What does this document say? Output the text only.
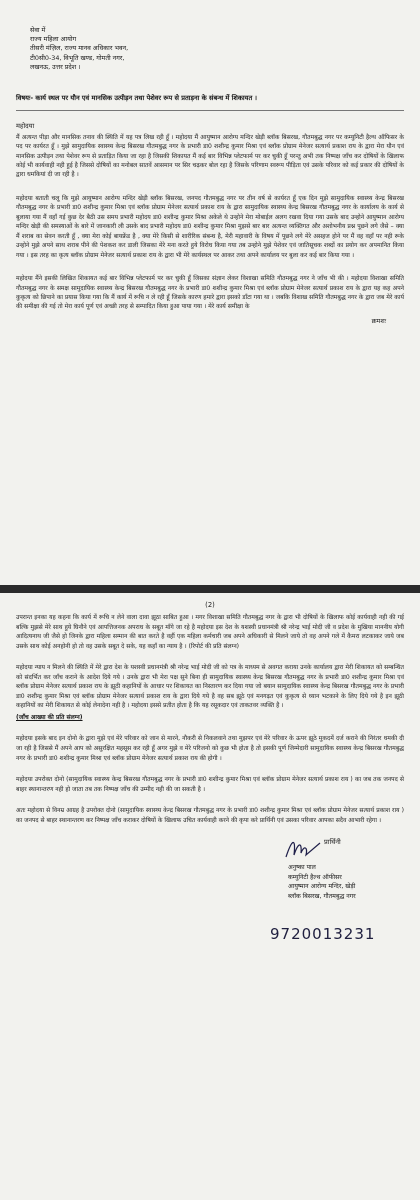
सेवा में
राज्य महिला आयोग
तीसरी मंज़िल, राज्य मानव अधिकार भवन,
टी0सी0-34, विभूति खण्ड, गोमती नगर,
लखनऊ, उत्तर प्रदेश ।
विषयः- कार्य स्थल पर यौन एवं मानसिक उत्पीड़न तथा पेशेवर रूप से प्रताड़ना के संबन्ध में शिकायत ।
महोदया

मैं अत्यन्त पीड़ा और मानसिक तनाव की स्थिति में यह पत्र लिख रही हूँ । महोदया मैं आयुष्मान आरोग्य मन्दिर खेड़ी ब्लॉक बिसरख, गौतमबुद्ध नगर पर कम्युनिटी हैल्थ ऑफिसर के पद पर कार्यरत हूँ । मुझे सामुदायिक स्वास्थ्य केन्द्र बिसरख गौतमबुद्ध नगर के प्रभारी डा0 शशीन्द्र कुमार मिश्रा एवं ब्लॉक प्रोग्राम मेनेजर सत्यार्थ प्रकाश राय के द्वारा मेरा यौन एवं मानसिक उत्पीड़न तथा पेशेवर रूप से प्रताड़ित किया जा रहा है जिसकी शिकायत मैं कई बार विभिन्न प्लेटफार्म पर कर चुकी हूँ परन्तु अभी तक निष्पक्ष जाँच कर दोषियों के खिलाफ कोई भी कार्यवाही नही हुई है जिससे दोषियों का मनोबल सातवें आसमान पर सिर चढ़कर बोल रहा है जिसके परिणाम स्वरूप पीड़िता एवं उसके परिवार को कई प्रकार की दोषियों के द्वारा धमकियां दी जा रही है ।

महोदया बताती चलू कि मुझे आयुष्मान आरोग्य मन्दिर खेड़ी ब्लॉक बिसरख, जनपद गौतमबुद्ध नगर पर तीन वर्ष से कार्यरत हूँ एक दिन मुझे सामुदायिक स्वास्थ्य केन्द्र बिसरख गौतमबुद्ध नगर के प्रभारी डा0 शशीन्द्र कुमार मिश्रा एवं ब्लॉक प्रोग्राम मेनेजर सत्यार्थ प्रकाश राय के द्वारा सामुदायिक स्वास्थ्य केन्द्र बिसरख गौतमबुद्ध नगर के कार्यालय के कार्य से बुलाया गया मैं वहाँ गई कुछ देर बैठी उस समय प्रभारी महोदय डा0 शशीन्द्र कुमार मिश्रा अकेले थे उन्होने मेरा मोबाईल अलग रखवा दिया गया उसके बाद उन्होने आयुष्मान आरोग्य मन्दिर खेड़ी की समस्याओं के बारे में जानकारी ली उसके बाद प्रभारी महोदय डा0 शशीन्द्र कुमार मिश्रा मुझसे बार बार अत्यन्त व्यक्तिगत और अशोभनीय प्रश्न पूछने लगे जैसे – क्या मैं शराब का सेवन करती हूँ , क्या मेरा कोई बायफ्रेंड है , क्या मेरे किसी से शारीरिक संबन्ध है, मेरी महावारी के विषय में पूछने लगे मेरे असहज होने पर मैं वह वहाँ पर नही रूके उन्होने मुझे अपने साथ शराब पीने की पेशकश कर डाली जिसका मेरे मना करते हुये विरोध किया गया तब उन्होने मुझे पेशेवर एवं जातिसूचक शब्दों का प्रयोग कर अपमानित किया गया । इस तरह का कृत्य ब्लॉक प्रोग्राम मेनेजर सत्यार्थ प्रकाश राय के द्वारा भी मेरे कार्यस्थल पर आकर तथा अपने कार्यालय पर बुला कर कई बार किया गया ।

महोदया मैंने इसकी लिखित शिकायत कई बार विभिन्न प्लेटफार्म पर कर चुकी हूँ जिसका संज्ञान लेकर विशाखा समिति गौतमबुद्ध नगर ने जाँच भी की । महोदया विशाखा समिति गौतमबुद्ध नगर के समक्ष सामुदायिक स्वास्थ्य केन्द्र बिसरख गौतमबुद्ध नगर के प्रभारी डा0 शशीन्द्र कुमार मिश्रा एवं ब्लॉक प्रोग्राम मेनेजर सत्यार्थ प्रकाश राय के द्वारा यह कह अपने कुकृत्य को छिपाने का प्रयास किया गया कि मैं कार्य में रूचि न ले रही हूँ जिसके कारण हमारे द्वारा इसको डाँटा गया था । जबकि विशाख समिति गौतमबुद्ध नगर के द्वारा जब मेरे कार्य की समीक्षा की गई तो मेरा कार्य पूर्ण एवं अच्छी तरह से सम्पादित किया हुआ पाया गया । मेरे कार्य समीक्षा के

क्रमशः
(2)

उपरान्त इनका यह कहना कि कार्य में रूचि न लेने वाला दावा झूठा साबित हुआ । मगर विशाखा समिति गौतमबुद्ध नगर के द्वारा भी दोषियों के खिलाफ कोई कार्यवाही नही की गई बल्कि मुझसे मेरे साथ हुये घिनौने एवं आपत्तिजनक अपराध के सबूत माँगे जा रहे है महोदया इस देश के यशस्वी प्रधानमंत्री श्री नरेन्द्र भाई मोदी जी व प्रदेश के मुखिया माननीय योगी आदित्यनाथ जी जैसे हो जिनके द्वारा महिला सम्मान की बात करते है वहीं एक महिला कर्मचारी जब अपने अधिकारी से मिलने जाये तो वह अपने गले में कैमरा लटकाकर जाये जब उसके साथ कोई अनहोनी हो तो वह उसके सबूत दे सके, यह कहाँ का न्याय है । (रिपोर्ट की प्रति संलग्न)

महोदया न्याय न मिलने की स्थिति में मेरे द्वारा देश के यशस्वी प्रधानमंत्री श्री नरेन्द्र भाई मोदी जी को पत्र के माध्यम से अवगत कराया उनके कार्यालय द्वारा मेरी शिकायत को सम्बन्धित को संदर्भित कर जाँच कराने के आदेश दिये गये । उनके द्वारा भी मेरा पक्ष सुने बिना ही सामुदायिक स्वास्थ्य केन्द्र बिसरख गौतमबुद्ध नगर के प्रभारी डा0 शशीन्द्र कुमार मिश्रा एवं ब्लॉक प्रोग्राम मेनेजर सत्यार्थ प्रकाश राय के झूठी कहानियों के आधार पर शिकायत का निस्तारण कर दिया गया जो बयान सामुदायिक स्वास्थ्य केन्द्र बिसरख गौतमबुद्ध नगर के प्रभारी डा0 शशीन्द्र कुमार मिश्रा एवं ब्लॉक प्रोग्राम मेनेजर सत्यार्थ प्रकाश राय के द्वारा दिये गये है वह सब झूठे एवं मनगढ़त एवं कुकृत्य से ध्यान भटकाने के लिए दिये गये है इन झूठी कहानियों का मेरी शिकायत से कोई लेनादेना नही है । महोदया इससे प्रतीत होता है कि यह रसूकदार एवं ताकतवर व्यक्ति है ।

(जाँच आख्या की प्रति संलग्न)

महोदया इसके बाद इन दोनो के द्वारा मुझे एवं मेरे परिवार को जान से मारने, नौकरी से निकलवाने तथा मुझपर एवं मेरे परिवार के ऊपर झूठे मुकदमें दर्ज कराने की निरंतर धमकी दी जा रही है जिससे मैं अपने आप को असुरक्षित महसूस कर रही हूँ अगर मुझे व मेरे परिजनो को कुछ भी होता है तो इसकी पूर्ण जिम्मेदारी सामुदायिक स्वास्थ्य केन्द्र बिसरख गौतमबुद्ध नगर के प्रभारी डा0 शशीन्द्र कुमार मिश्रा एवं ब्लॉक प्रोग्राम मेनेजर सत्यार्थ प्रकाश राय की होगी ।

महोदया उपरोक्त दोनो (सामुदायिक स्वास्थ्य केन्द्र बिसरख गौतमबुद्ध नगर के प्रभारी डा0 शशीन्द्र कुमार मिश्रा एवं ब्लॉक प्रोग्राम मेनेजर सत्यार्थ प्रकाश राय ) का जब तक जनपद से बाहर स्थानान्तरण नही हो जाता तब तक निष्पक्ष जाँच की उम्मीद नही की जा सकती है ।

अतः महोदया से विनम्र आग्रह है उपरोक्त दोनो (सामुदायिक स्वास्थ्य केन्द्र बिसरख गौतमबुद्ध नगर के प्रभारी डा0 शशीन्द्र कुमार मिश्रा एवं ब्लॉक प्रोग्राम मेनेजर सत्यार्थ प्रकाश राय ) का जनपद से बाहर स्थानान्तरण कर निष्पक्ष जाँच कराकर दोषियों के खिलाफ उचित कार्यवाही करने की कृपा करे प्रार्थिनी एवं उसका परिवार आपका सदैव आभारी रहेगा ।

प्रार्थिनी
अनुष्का पाल
कम्युनिटी हैल्थ ऑफीसर
आयुष्मान आरोग्य मन्दिर, खेड़ी
ब्लॉक बिसरख, गौतमबुद्ध नगर
9720013231
